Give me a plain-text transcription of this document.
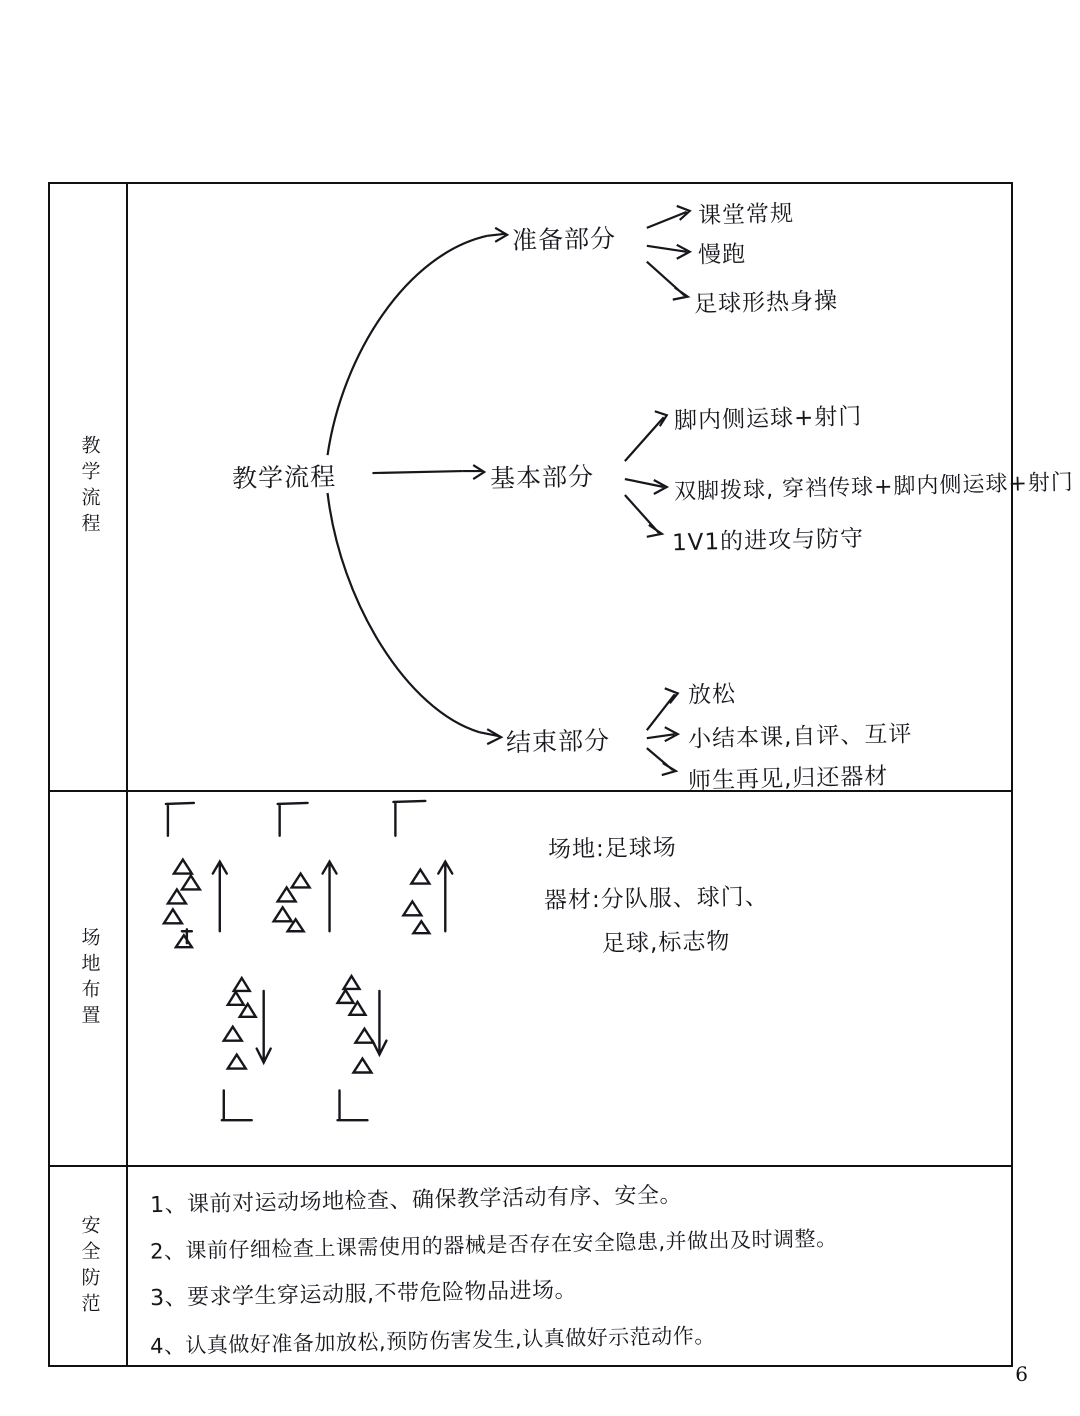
教学流程	教学流程
准备部分
课堂常规
慢跑
足球形热身操
基本部分
脚内侧运球+射门
双脚拨球, 穿裆传球+脚内侧运球+射门
1V1的进攻与防守
结束部分
放松
小结本课,自评、互评
师生再见,归还器材
场地布置
场地:足球场
器材:分队服、球门、
足球,标志物
安全防范
1、课前对运动场地检查、确保教学活动有序、安全。
2、课前仔细检查上课需使用的器械是否存在安全隐患,并做出及时调整。
3、要求学生穿运动服,不带危险物品进场。
4、认真做好准备加放松,预防伤害发生,认真做好示范动作。
6
